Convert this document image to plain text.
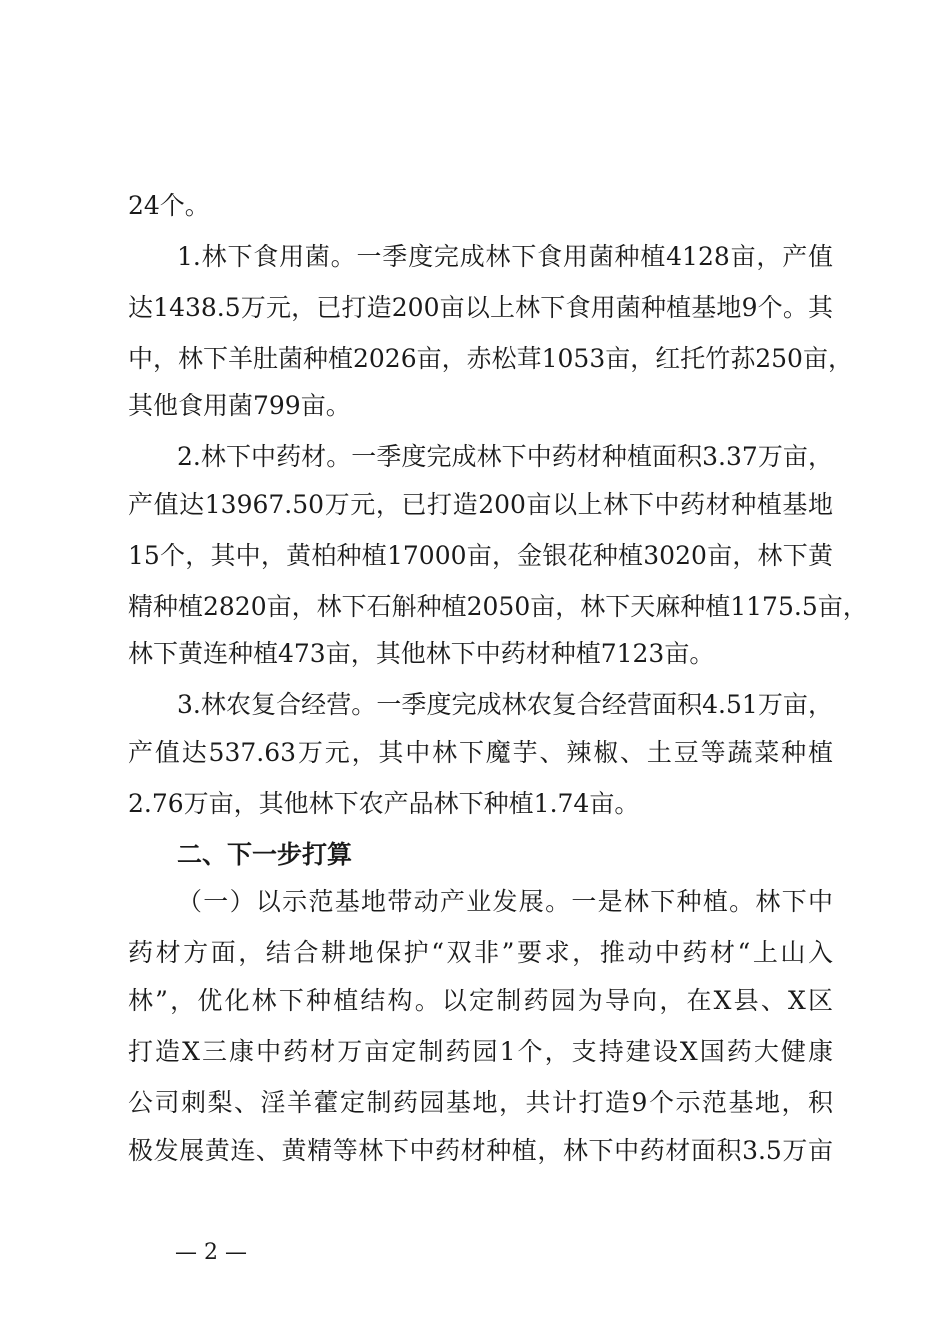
24个。
1.林下食用菌。一季度完成林下食用菌种植4128亩，产值
达1438.5万元，已打造200亩以上林下食用菌种植基地9个。其
中，林下羊肚菌种植2026亩，赤松茸1053亩，红托竹荪250亩，
其他食用菌799亩。
2.林下中药材。一季度完成林下中药材种植面积3.37万亩，
产值达13967.50万元，已打造200亩以上林下中药材种植基地
15个，其中，黄柏种植17000亩，金银花种植3020亩，林下黄
精种植2820亩，林下石斛种植2050亩，林下天麻种植1175.5亩，
林下黄连种植473亩，其他林下中药材种植7123亩。
3.林农复合经营。一季度完成林农复合经营面积4.51万亩，
产值达537.63万元，其中林下魔芋、辣椒、土豆等蔬菜种植
2.76万亩，其他林下农产品林下种植1.74亩。
二、下一步打算
（一）以示范基地带动产业发展。一是林下种植。林下中
药材方面，结合耕地保护“双非”要求，推动中药材“上山入
林”，优化林下种植结构。以定制药园为导向，在X县、X区
打造X三康中药材万亩定制药园1个，支持建设X国药大健康
公司刺梨、淫羊藿定制药园基地，共计打造9个示范基地，积
极发展黄连、黄精等林下中药材种植，林下中药材面积3.5万亩
— 2 —
